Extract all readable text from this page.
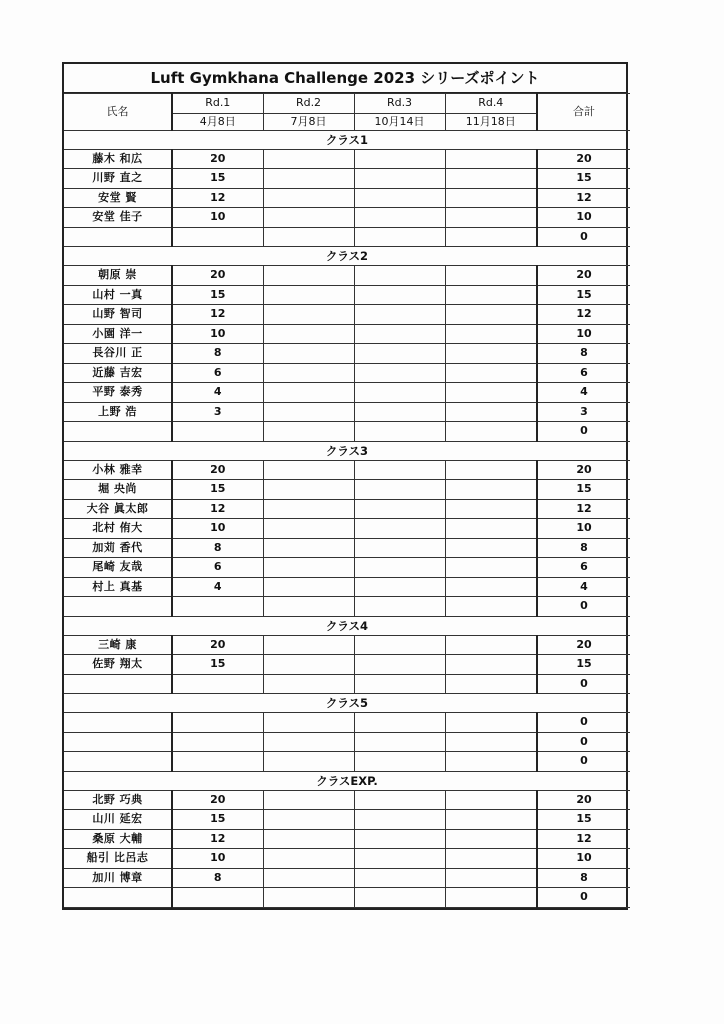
Luft Gymkhana Challenge 2023 シリーズポイント
氏名	Rd.1	Rd.2	Rd.3	Rd.4	合計
	4月8日	7月8日	10月14日	11月18日	
クラス1					
藤木 和広	20				20
川野 直之	15				15
安堂 賢	12				12
安堂 佳子	10				10
					0
クラス2					
朝原 崇	20				20
山村 一真	15				15
山野 智司	12				12
小園 洋一	10				10
長谷川 正	8				8
近藤 吉宏	6				6
平野 泰秀	4				4
上野 浩	3				3
					0
クラス3					
小林 雅幸	20				20
堀 央尚	15				15
大谷 眞太郎	12				12
北村 侑大	10				10
加苅 香代	8				8
尾崎 友哉	6				6
村上 真基	4				4
					0
クラス4					
三崎 康	20				20
佐野 翔太	15				15
					0
クラス5					
					0
					0
					0
クラスEXP.					
北野 巧典	20				20
山川 延宏	15				15
桑原 大輔	12				12
船引 比呂志	10				10
加川 博章	8				8
					0
